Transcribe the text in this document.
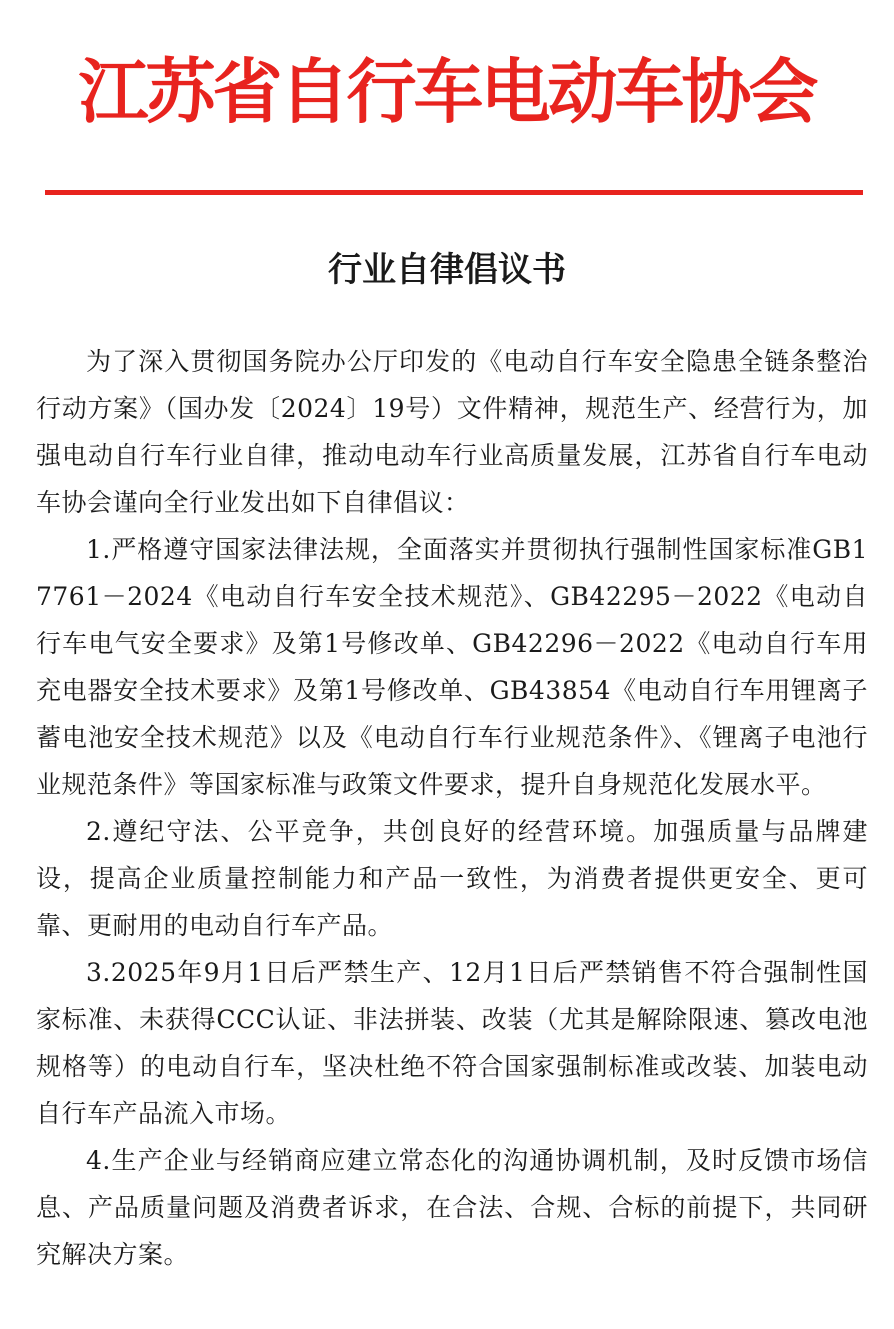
江苏省自行车电动车协会
行业自律倡议书

为了深入贯彻国务院办公厅印发的《电动自行车安全隐患全链条整治行动方案》（国办发〔2024〕19号）文件精神，规范生产、经营行为，加强电动自行车行业自律，推动电动车行业高质量发展，江苏省自行车电动车协会谨向全行业发出如下自律倡议：

1.严格遵守国家法律法规，全面落实并贯彻执行强制性国家标准GB17761－2024《电动自行车安全技术规范》、GB42295－2022《电动自行车电气安全要求》及第1号修改单、GB42296－2022《电动自行车用充电器安全技术要求》及第1号修改单、GB43854《电动自行车用锂离子蓄电池安全技术规范》以及《电动自行车行业规范条件》、《锂离子电池行业规范条件》等国家标准与政策文件要求，提升自身规范化发展水平。

2.遵纪守法、公平竞争，共创良好的经营环境。加强质量与品牌建设，提高企业质量控制能力和产品一致性，为消费者提供更安全、更可靠、更耐用的电动自行车产品。

3.2025年9月1日后严禁生产、12月1日后严禁销售不符合强制性国家标准、未获得CCC认证、非法拼装、改装（尤其是解除限速、篡改电池规格等）的电动自行车，坚决杜绝不符合国家强制标准或改装、加装电动自行车产品流入市场。

4.生产企业与经销商应建立常态化的沟通协调机制，及时反馈市场信息、产品质量问题及消费者诉求，在合法、合规、合标的前提下，共同研究解决方案。
